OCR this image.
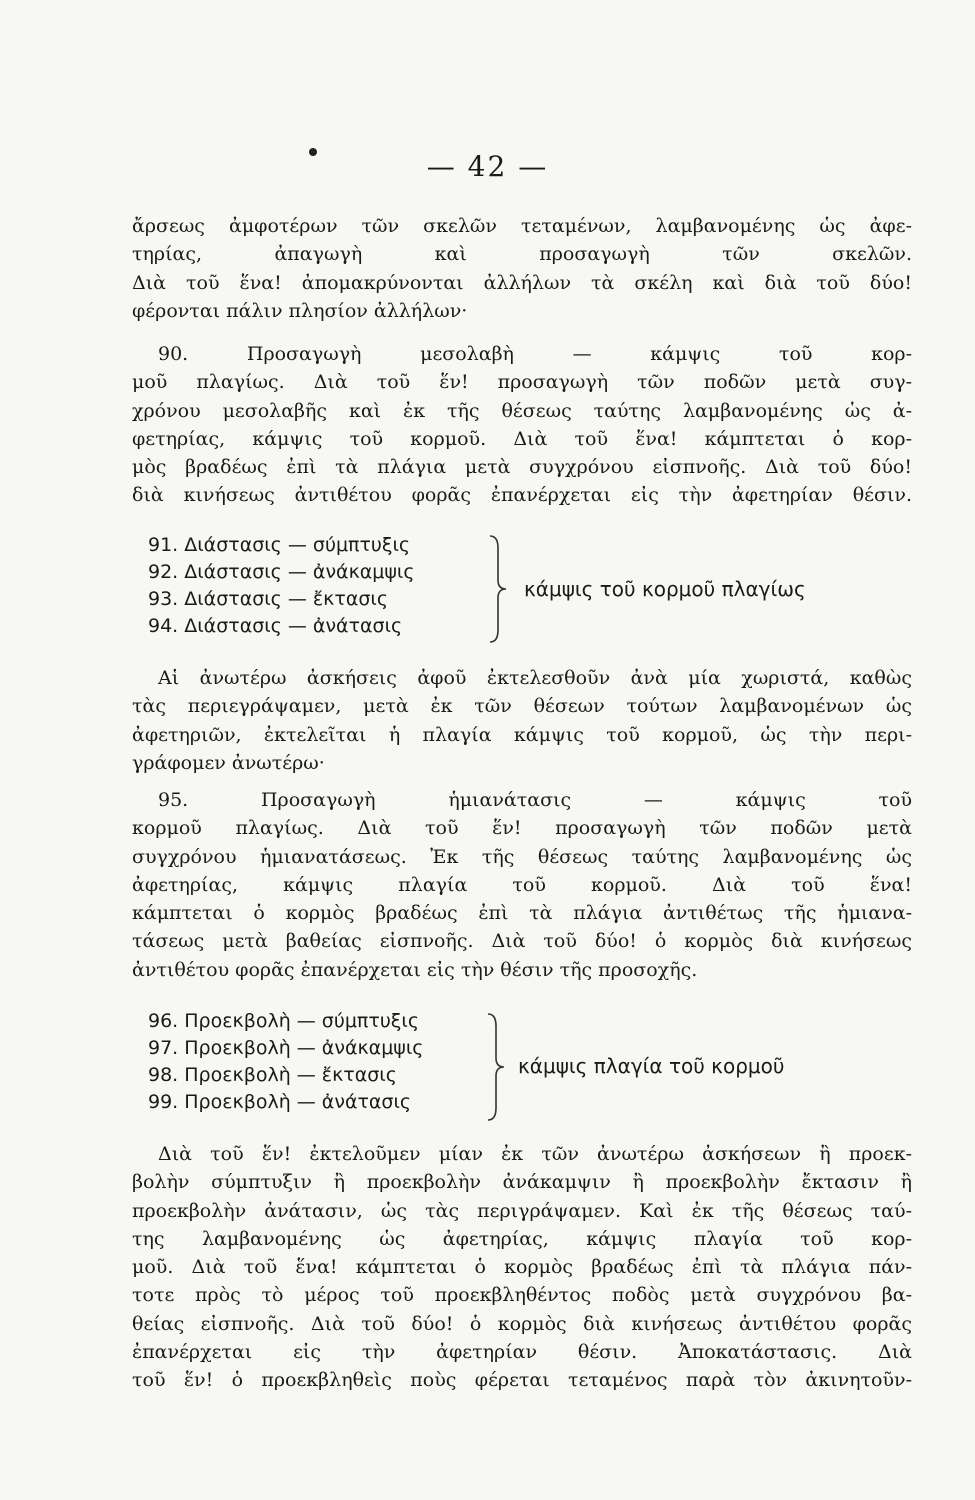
— 42 —
ἄρσεως ἀμφοτέρων τῶν σκελῶν τεταμένων, λαμβανομένης ὡς ἀφε-
τηρίας, ἀπαγωγὴ καὶ προσαγωγὴ τῶν σκελῶν.
Διὰ τοῦ ἕνα! ἀπομακρύνονται ἀλλήλων τὰ σκέλη καὶ διὰ τοῦ δύο!
φέρονται πάλιν πλησίον ἀλλήλων·
90. Προσαγωγὴ μεσολαβὴ — κάμψις τοῦ κορ-
μοῦ πλαγίως. Διὰ τοῦ ἕν! προσαγωγὴ τῶν ποδῶν μετὰ συγ-
χρόνου μεσολαβῆς καὶ ἐκ τῆς θέσεως ταύτης λαμβανομένης ὡς ἀ-
φετηρίας, κάμψις τοῦ κορμοῦ. Διὰ τοῦ ἕνα! κάμπτεται ὁ κορ-
μὸς βραδέως ἐπὶ τὰ πλάγια μετὰ συγχρόνου εἰσπνοῆς. Διὰ τοῦ δύο!
διὰ κινήσεως ἀντιθέτου φορᾶς ἐπανέρχεται εἰς τὴν ἀφετηρίαν θέσιν.
91. Διάστασις — σύμπτυξις
92. Διάστασις — ἀνάκαμψις
93. Διάστασις — ἔκτασις
94. Διάστασις — ἀνάτασις
κάμψις τοῦ κορμοῦ πλαγίως
Αἱ ἀνωτέρω ἀσκήσεις ἀφοῦ ἐκτελεσθοῦν ἀνὰ μία χωριστά, καθὼς
τὰς περιεγράψαμεν, μετὰ ἐκ τῶν θέσεων τούτων λαμβανομένων ὡς
ἀφετηριῶν, ἐκτελεῖται ἡ πλαγία κάμψις τοῦ κορμοῦ, ὡς τὴν περι-
γράφομεν ἀνωτέρω·
95. Προσαγωγὴ ἡμιανάτασις — κάμψις τοῦ
κορμοῦ πλαγίως. Διὰ τοῦ ἕν! προσαγωγὴ τῶν ποδῶν μετὰ
συγχρόνου ἡμιανατάσεως. Ἐκ τῆς θέσεως ταύτης λαμβανομένης ὡς
ἀφετηρίας, κάμψις πλαγία τοῦ κορμοῦ. Διὰ τοῦ ἕνα!
κάμπτεται ὁ κορμὸς βραδέως ἐπὶ τὰ πλάγια ἀντιθέτως τῆς ἡμιανα-
τάσεως μετὰ βαθείας εἰσπνοῆς. Διὰ τοῦ δύο! ὁ κορμὸς διὰ κινήσεως
ἀντιθέτου φορᾶς ἐπανέρχεται εἰς τὴν θέσιν τῆς προσοχῆς.
96. Προεκβολὴ — σύμπτυξις
97. Προεκβολὴ — ἀνάκαμψις
98. Προεκβολὴ — ἔκτασις
99. Προεκβολὴ — ἀνάτασις
κάμψις πλαγία τοῦ κορμοῦ
Διὰ τοῦ ἕν! ἐκτελοῦμεν μίαν ἐκ τῶν ἀνωτέρω ἀσκήσεων ἢ προεκ-
βολὴν σύμπτυξιν ἢ προεκβολὴν ἀνάκαμψιν ἢ προεκβολὴν ἔκτασιν ἢ
προεκβολὴν ἀνάτασιν, ὡς τὰς περιγράψαμεν. Καὶ ἐκ τῆς θέσεως ταύ-
της λαμβανομένης ὡς ἀφετηρίας, κάμψις πλαγία τοῦ κορ-
μοῦ. Διὰ τοῦ ἕνα! κάμπτεται ὁ κορμὸς βραδέως ἐπὶ τὰ πλάγια πάν-
τοτε πρὸς τὸ μέρος τοῦ προεκβληθέντος ποδὸς μετὰ συγχρόνου βα-
θείας εἰσπνοῆς. Διὰ τοῦ δύο! ὁ κορμὸς διὰ κινήσεως ἀντιθέτου φορᾶς
ἐπανέρχεται εἰς τὴν ἀφετηρίαν θέσιν. Ἀποκατάστασις. Διὰ
τοῦ ἕν! ὁ προεκβληθεὶς ποὺς φέρεται τεταμένος παρὰ τὸν ἀκινητοῦν-
